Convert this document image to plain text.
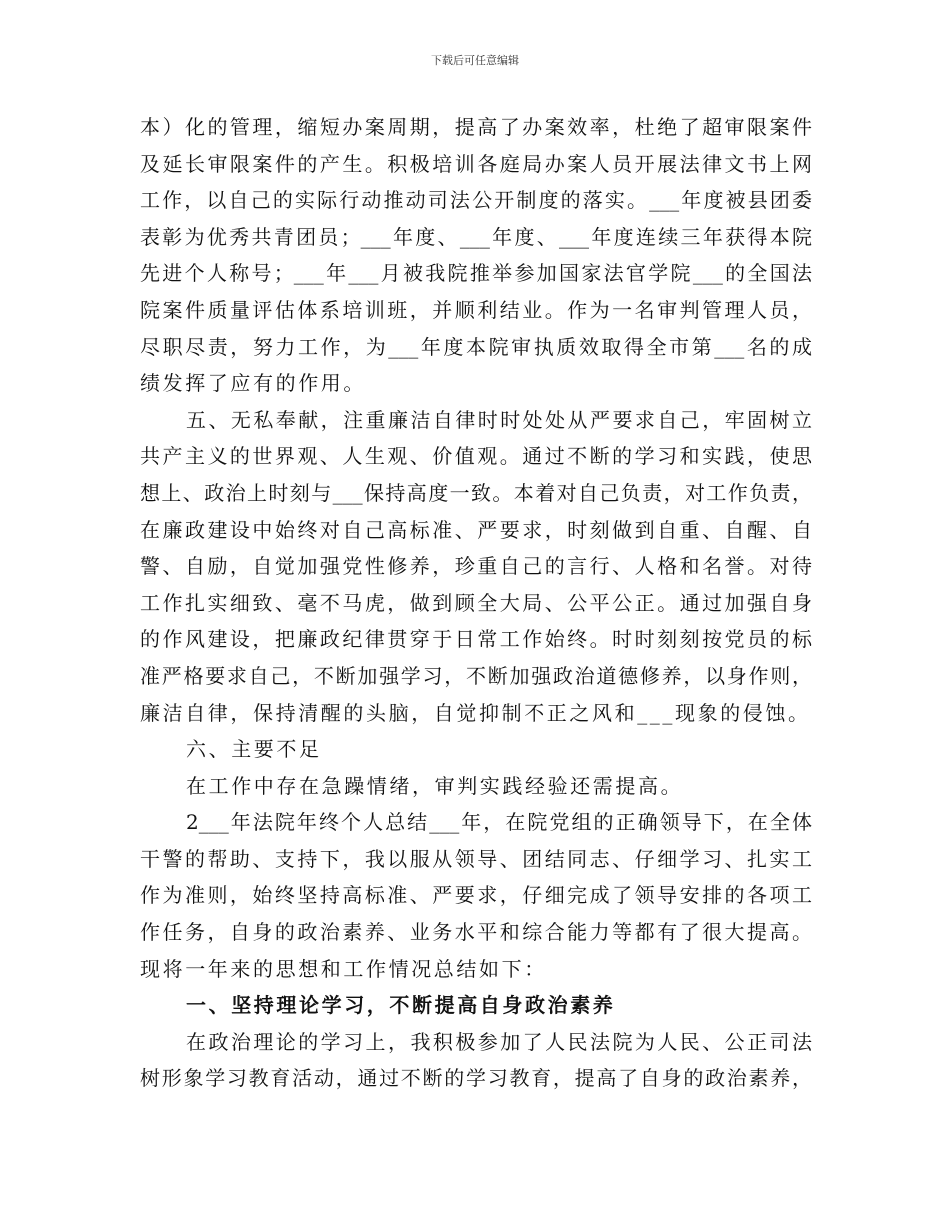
下载后可任意编辑
本）化的管理，缩短办案周期，提高了办案效率，杜绝了超审限案件
及延长审限案件的产生。积极培训各庭局办案人员开展法律文书上网
工作，以自己的实际行动推动司法公开制度的落实。___年度被县团委
表彰为优秀共青团员；___年度、___年度、___年度连续三年获得本院
先进个人称号；___年___月被我院推举参加国家法官学院___的全国法
院案件质量评估体系培训班，并顺利结业。作为一名审判管理人员，
尽职尽责，努力工作，为___年度本院审执质效取得全市第___名的成
绩发挥了应有的作用。
五、无私奉献，注重廉洁自律时时处处从严要求自己，牢固树立
共产主义的世界观、人生观、价值观。通过不断的学习和实践，使思
想上、政治上时刻与___保持高度一致。本着对自己负责，对工作负责，
在廉政建设中始终对自己高标准、严要求，时刻做到自重、自醒、自
警、自励，自觉加强党性修养，珍重自己的言行、人格和名誉。对待
工作扎实细致、毫不马虎，做到顾全大局、公平公正。通过加强自身
的作风建设，把廉政纪律贯穿于日常工作始终。时时刻刻按党员的标
准严格要求自己，不断加强学习，不断加强政治道德修养，以身作则，
廉洁自律，保持清醒的头脑，自觉抑制不正之风和___现象的侵蚀。
六、主要不足
在工作中存在急躁情绪，审判实践经验还需提高。
2___年法院年终个人总结___年，在院党组的正确领导下，在全体
干警的帮助、支持下，我以服从领导、团结同志、仔细学习、扎实工
作为准则，始终坚持高标准、严要求，仔细完成了领导安排的各项工
作任务，自身的政治素养、业务水平和综合能力等都有了很大提高。
现将一年来的思想和工作情况总结如下：
一、坚持理论学习，不断提高自身政治素养
在政治理论的学习上，我积极参加了人民法院为人民、公正司法
树形象学习教育活动，通过不断的学习教育，提高了自身的政治素养，
